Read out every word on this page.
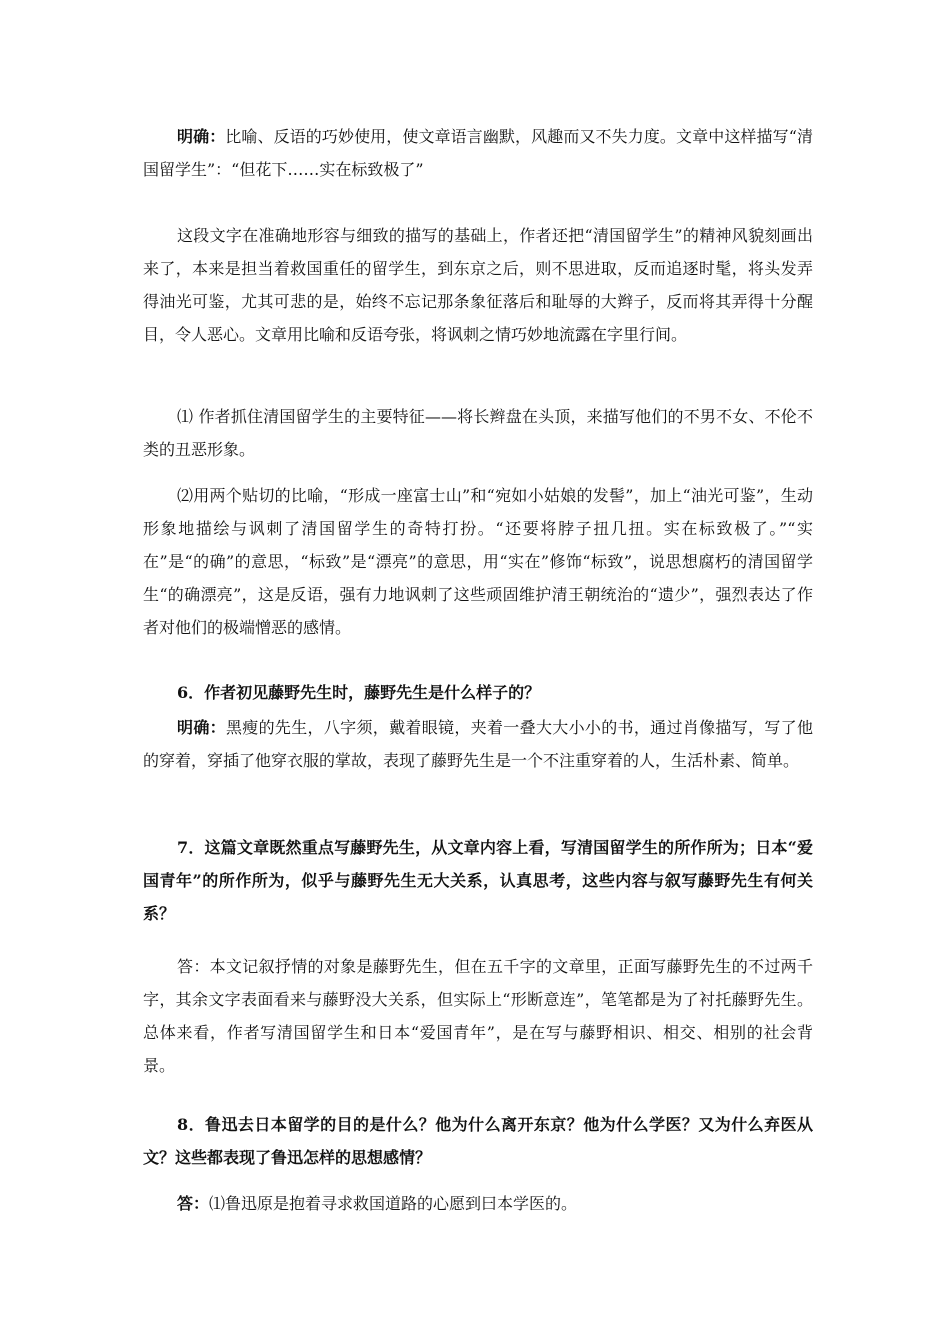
明确：比喻、反语的巧妙使用，使文章语言幽默，风趣而又不失力度。文章中这样描写“清国留学生”：“但花下……实在标致极了”

这段文字在准确地形容与细致的描写的基础上，作者还把“清国留学生”的精神风貌刻画出来了，本来是担当着救国重任的留学生，到东京之后，则不思进取，反而追逐时髦，将头发弄得油光可鉴，尤其可悲的是，始终不忘记那条象征落后和耻辱的大辫子，反而将其弄得十分醒目，令人恶心。文章用比喻和反语夸张，将讽刺之情巧妙地流露在字里行间。

⑴ 作者抓住清国留学生的主要特征——将长辫盘在头顶，来描写他们的不男不女、不伦不类的丑恶形象。

⑵用两个贴切的比喻，“形成一座富士山”和“宛如小姑娘的发髻”，加上“油光可鉴”，生动形象地描绘与讽刺了清国留学生的奇特打扮。“还要将脖子扭几扭。实在标致极了。”“实在”是“的确”的意思，“标致”是“漂亮”的意思，用“实在”修饰“标致”，说思想腐朽的清国留学生“的确漂亮”，这是反语，强有力地讽刺了这些顽固维护清王朝统治的“遗少”，强烈表达了作者对他们的极端憎恶的感情。

6．作者初见藤野先生时，藤野先生是什么样子的？

明确：黑瘦的先生，八字须，戴着眼镜，夹着一叠大大小小的书，通过肖像描写，写了他的穿着，穿插了他穿衣服的掌故，表现了藤野先生是一个不注重穿着的人，生活朴素、简单。

7．这篇文章既然重点写藤野先生，从文章内容上看，写清国留学生的所作所为；日本“爱国青年”的所作所为，似乎与藤野先生无大关系，认真思考，这些内容与叙写藤野先生有何关系？

答：本文记叙抒情的对象是藤野先生，但在五千字的文章里，正面写藤野先生的不过两千字，其余文字表面看来与藤野没大关系，但实际上“形断意连”，笔笔都是为了衬托藤野先生。总体来看，作者写清国留学生和日本“爱国青年”，是在写与藤野相识、相交、相别的社会背景。

8．鲁迅去日本留学的目的是什么？他为什么离开东京？他为什么学医？又为什么弃医从文？这些都表现了鲁迅怎样的思想感情？

答：⑴鲁迅原是抱着寻求救国道路的心愿到曰本学医的。
